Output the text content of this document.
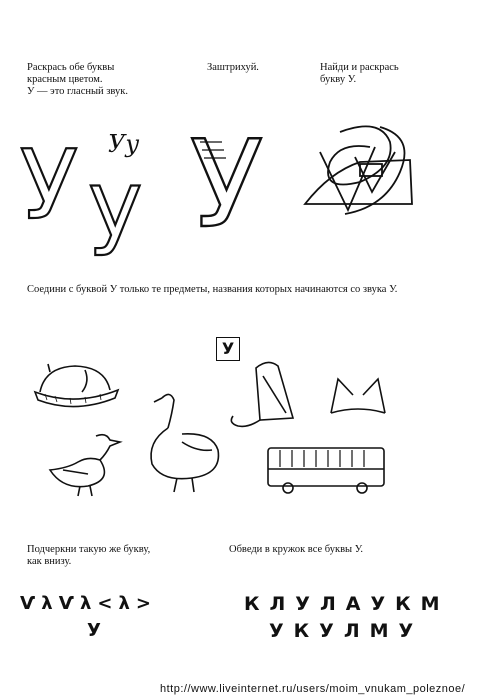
Раскрась обе буквы
красным цветом.
У — это гласный звук.
Заштрихуй.	Найди и раскрась
букву У.
У у
Уу У
Соедини с буквой У только те предметы, названия которых начинаются со звука У.
У
Подчеркни такую же букву,
как внизу.
Обведи в кружок все буквы У.
ѴλѴλ<λ>
У
КЛУЛАУКМ
УКУЛМУ
http://www.liveinternet.ru/users/moim_vnukam_poleznoe/
